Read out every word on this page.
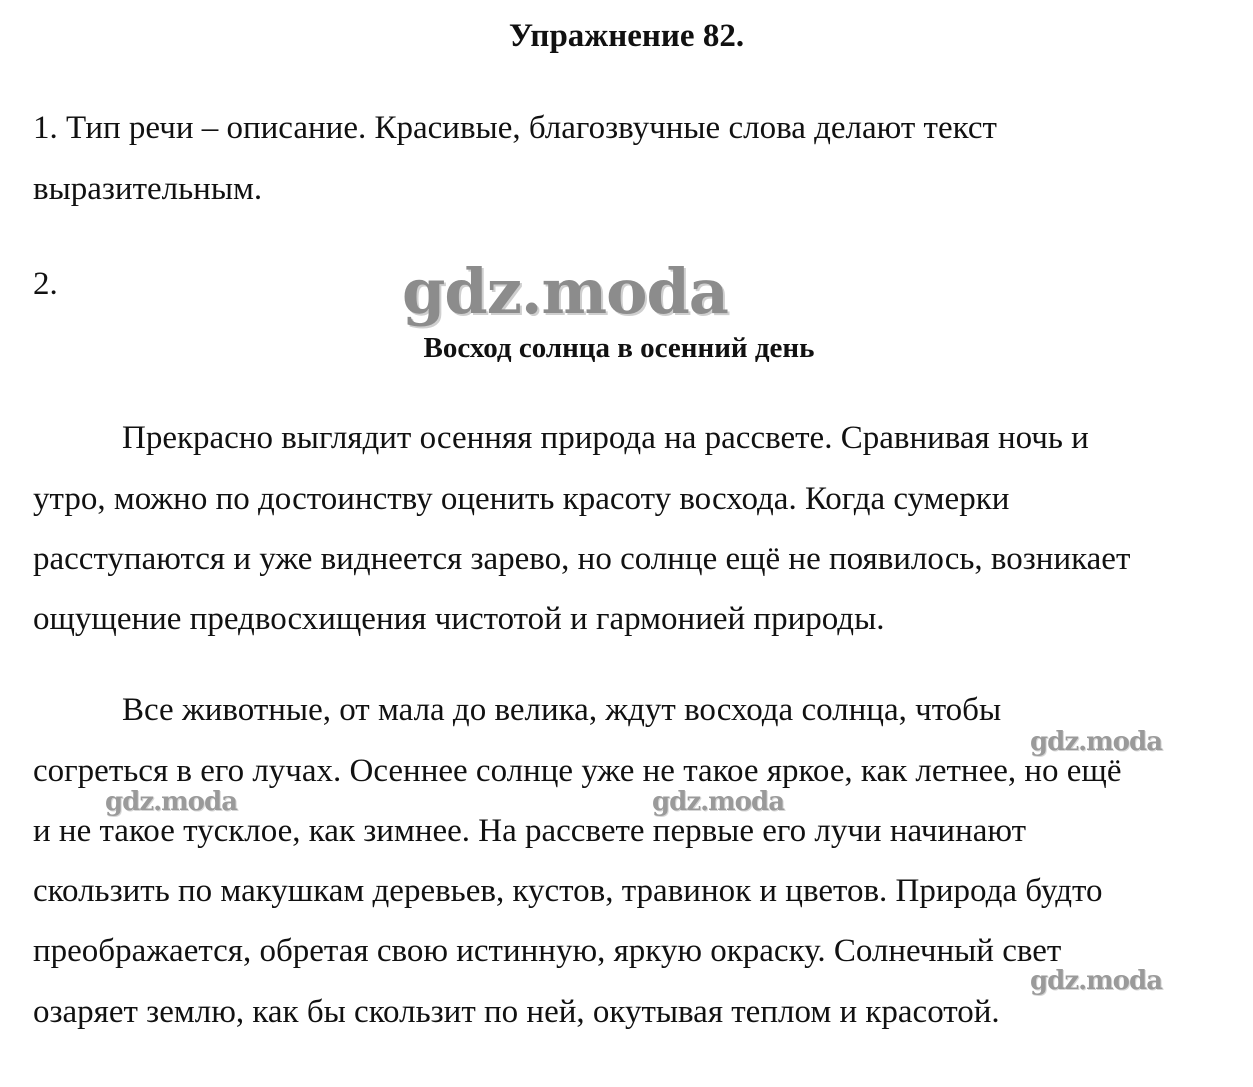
Упражнение 82.
1. Тип речи – описание. Красивые, благозвучные слова делают текст
выразительным.
2.	gdz.moda
Восход солнца в осенний день
Прекрасно выглядит осенняя природа на рассвете. Сравнивая ночь и
утро, можно по достоинству оценить красоту восхода. Когда сумерки
расступаются и уже виднеется зарево, но солнце ещё не появилось, возникает
ощущение предвосхищения чистотой и гармонией природы.
Все животные, от мала до велика, ждут восхода солнца, чтобы
согреться в его лучах. Осеннее солнце уже не такое яркое, как летнее, но ещё
и не такое тусклое, как зимнее. На рассвете первые его лучи начинают
скользить по макушкам деревьев, кустов, травинок и цветов. Природа будто
преображается, обретая свою истинную, яркую окраску. Солнечный свет
озаряет землю, как бы скользит по ней, окутывая теплом и красотой.
gdz.moda
gdz.moda	gdz.moda
gdz.moda
